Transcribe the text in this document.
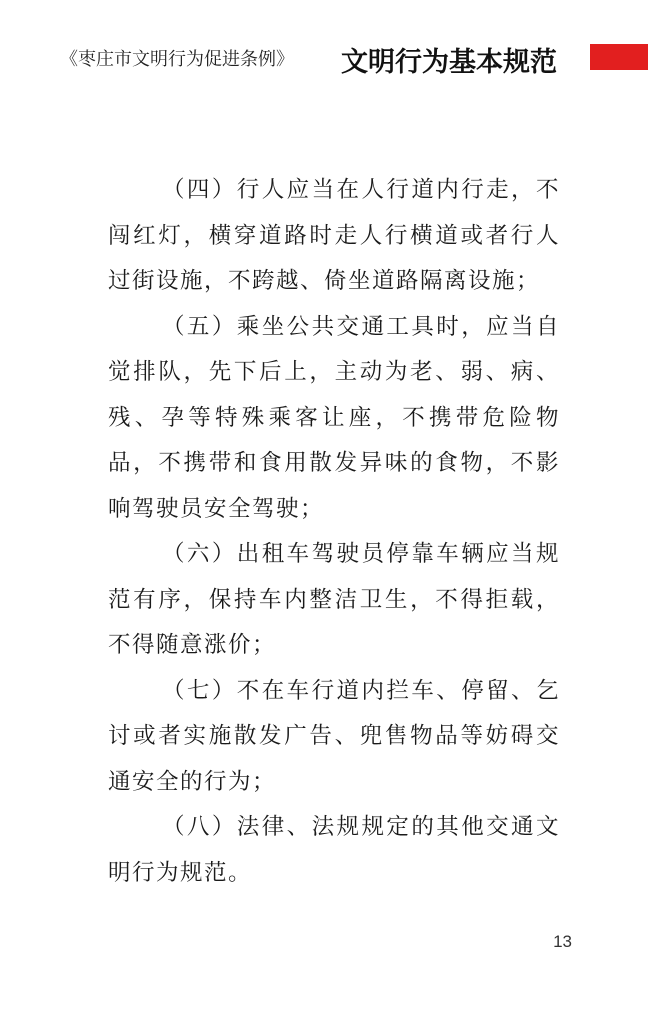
《枣庄市文明行为促进条例》 文明行为基本规范

（四）行人应当在人行道内行走，不闯红灯，横穿道路时走人行横道或者行人过街设施，不跨越、倚坐道路隔离设施；

（五）乘坐公共交通工具时，应当自觉排队，先下后上，主动为老、弱、病、残、孕等特殊乘客让座，不携带危险物品，不携带和食用散发异味的食物，不影响驾驶员安全驾驶；

（六）出租车驾驶员停靠车辆应当规范有序，保持车内整洁卫生，不得拒载，不得随意涨价；

（七）不在车行道内拦车、停留、乞讨或者实施散发广告、兜售物品等妨碍交通安全的行为；

（八）法律、法规规定的其他交通文明行为规范。

13
